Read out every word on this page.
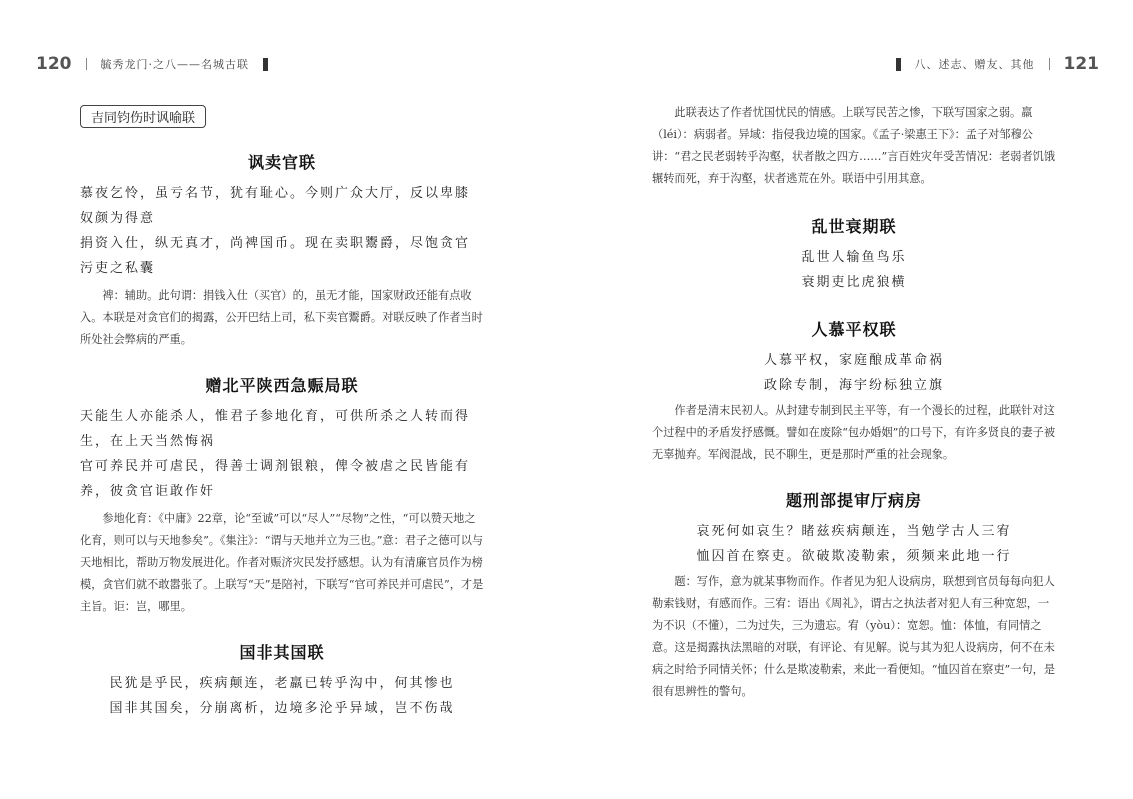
120	毓秀龙门·之八——名城古联
吉同钧伤时讽喻联
讽卖官联
慕夜乞怜，虽亏名节，犹有耻心。今则广众大厅，反以卑膝奴颜为得意
捐资入仕，纵无真才，尚裨国币。现在卖职鬻爵，尽饱贪官污吏之私囊

裨：辅助。此句谓：捐钱入仕（买官）的，虽无才能，国家财政还能有点收入。本联是对贪官们的揭露，公开巴结上司，私下卖官鬻爵。对联反映了作者当时所处社会弊病的严重。

赠北平陕西急赈局联
天能生人亦能杀人，惟君子参地化育，可供所杀之人转而得生，在上天当然悔祸
官可养民并可虐民，得善士调剂银粮，俾令被虐之民皆能有养，彼贪官讵敢作奸

参地化育：《中庸》22章，论“至诚”可以“尽人”“尽物”之性，“可以赞天地之化育，则可以与天地参矣”。《集注》：“谓与天地并立为三也。”意：君子之德可以与天地相比，帮助万物发展进化。作者对赈济灾民发抒感想。认为有清廉官员作为榜模，贪官们就不敢嚣张了。上联写“天”是陪衬，下联写“官可养民并可虐民”，才是主旨。讵：岂，哪里。

国非其国联
民犹是乎民，疾病颠连，老羸已转乎沟中，何其惨也
国非其国矣，分崩离析，边境多沦乎异域，岂不伤哉
八、述志、赠友、其他 121

此联表达了作者忧国忧民的情感。上联写民苦之惨，下联写国家之弱。羸（léi）：病弱者。异域：指侵我边境的国家。《孟子·梁惠王下》：孟子对邹穆公讲：“君之民老弱转乎沟壑，状者散之四方……”言百姓灾年受苦情况：老弱者饥饿辗转而死，弃于沟壑，状者逃荒在外。联语中引用其意。

乱世衰期联
乱世人输鱼鸟乐
衰期吏比虎狼横
人慕平权联
人慕平权，家庭酿成革命祸
政除专制，海宇纷标独立旗

作者是清末民初人。从封建专制到民主平等，有一个漫长的过程，此联针对这个过程中的矛盾发抒感慨。譬如在废除“包办婚姻”的口号下，有许多贤良的妻子被无辜抛弃。军阀混战，民不聊生，更是那时严重的社会现象。

题刑部提审厅病房
哀死何如哀生？睹兹疾病颠连，当勉学古人三宥
恤囚首在察吏。欲破欺凌勒索，须频来此地一行

题：写作，意为就某事物而作。作者见为犯人设病房，联想到官员每每向犯人勒索钱财，有感而作。三宥：语出《周礼》，谓古之执法者对犯人有三种宽恕，一为不识（不懂），二为过失，三为遗忘。宥（yòu）：宽恕。恤：体恤，有同情之意。这是揭露执法黑暗的对联，有评论、有见解。说与其为犯人设病房，何不在未病之时给予同情关怀；什么是欺凌勒索，来此一看便知。“恤囚首在察吏”一句，是很有思辨性的警句。
